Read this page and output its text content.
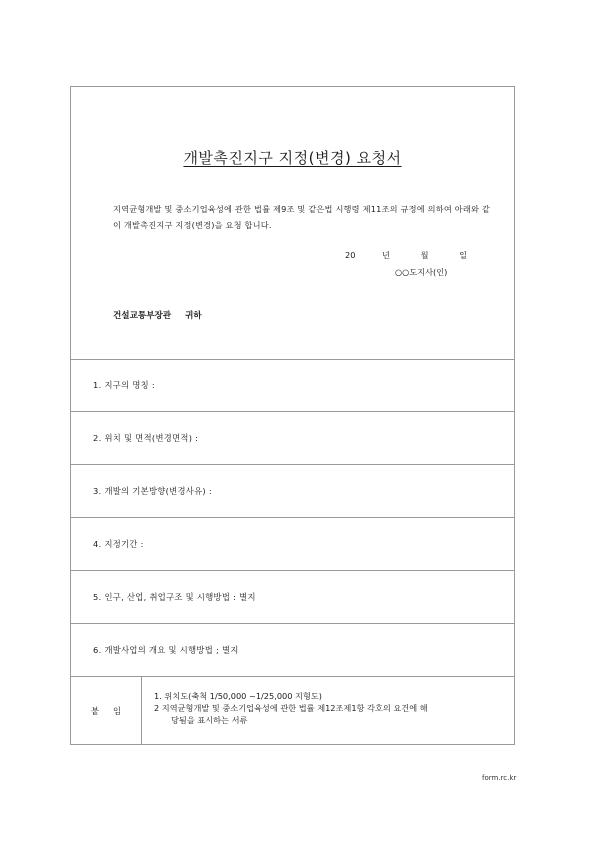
개발촉진지구 지정(변경) 요청서
지역균형개발 및 중소기업육성에 관한 법률 제9조 및 같은법 시행령 제11조의 규정에 의하여 아래와 같이 개발촉진지구 지정(변경)을 요청 합니다.
20	년	월	일
○○도지사(인)
건설교통부장관 귀하
1. 지구의 명칭 :
2. 위치 및 면적(변경면적) :
3. 개발의 기본방향(변경사유) :
4. 지정기간 :
5. 인구, 산업, 취업구조 및 시행방법 : 별지
6. 개발사업의 개요 및 시행방법 ; 별지
붙임
1. 위치도(축척 1/50,000 ~1/25,000 지형도)
2 지역균형개발 및 중소기업육성에 관한 법률 제12조제1항 각호의 요건에 해
당됨을 표시하는 서류
form.rc.kr
